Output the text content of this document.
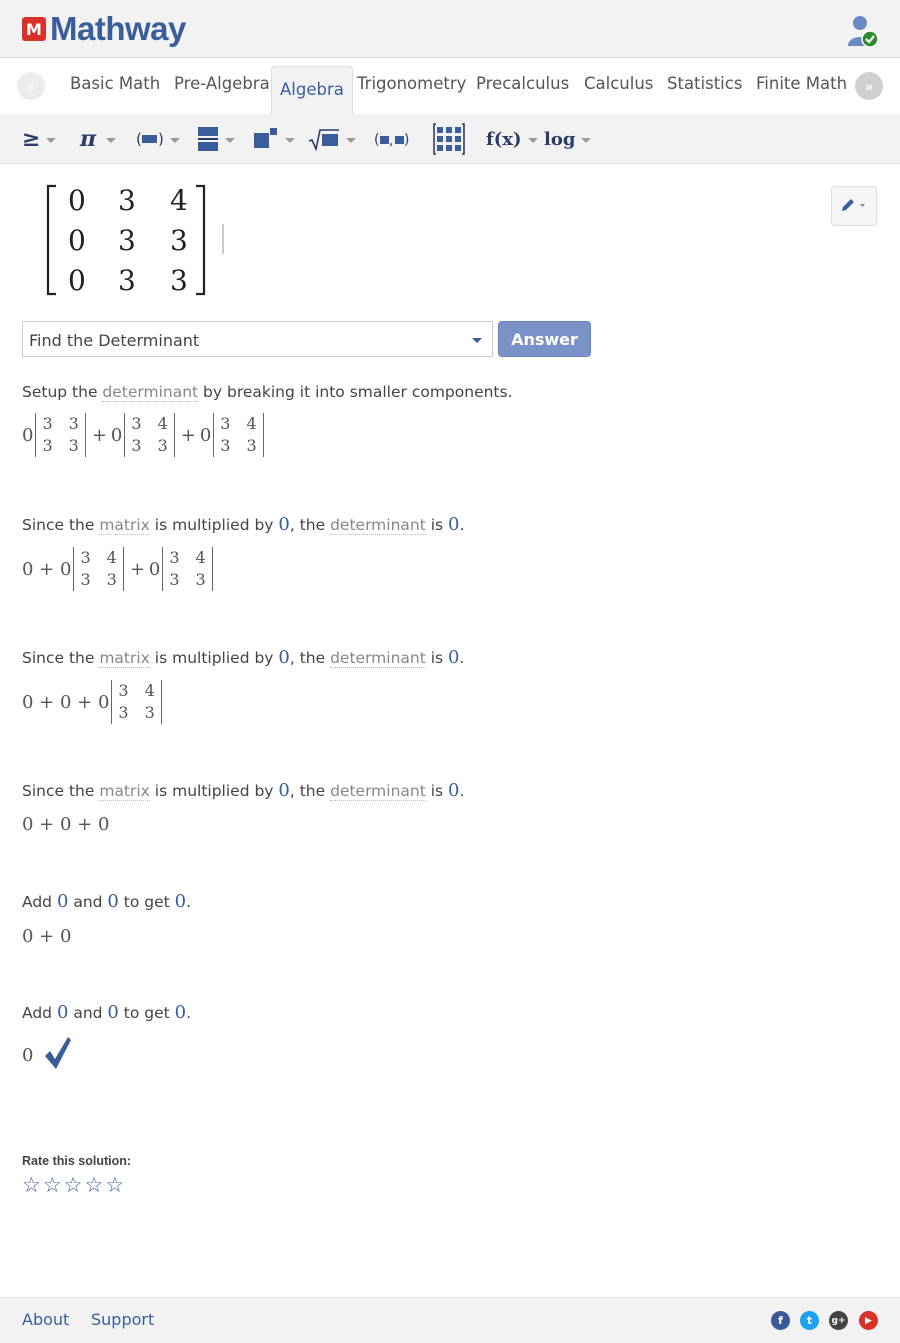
M Mathway
«	Basic Math Pre-Algebra Algebra Trigonometry Precalculus Calculus Statistics Finite Math	»
≥ π	( )	( , )	f(x) log
0 3 4
0 3 3
0 3 3
Find the Determinant	Answer
Setup the determinant by breaking it into smaller components.
0
3 3
3 3 + 0
3 4
3 3 + 0
3 4
3 3
Since the matrix is multiplied by 0, the determinant is 0.
0 + 0
3 4
3 3 + 0
3 4
3 3
Since the matrix is multiplied by 0, the determinant is 0.
0 + 0 + 0
3 4
3 3
Since the matrix is multiplied by 0, the determinant is 0.
0 + 0 + 0
Add 0 and 0 to get 0.
0 + 0
Add 0 and 0 to get 0.
0
Rate this solution:
☆ ☆ ☆ ☆ ☆
About Support	f	t	g+	▶
